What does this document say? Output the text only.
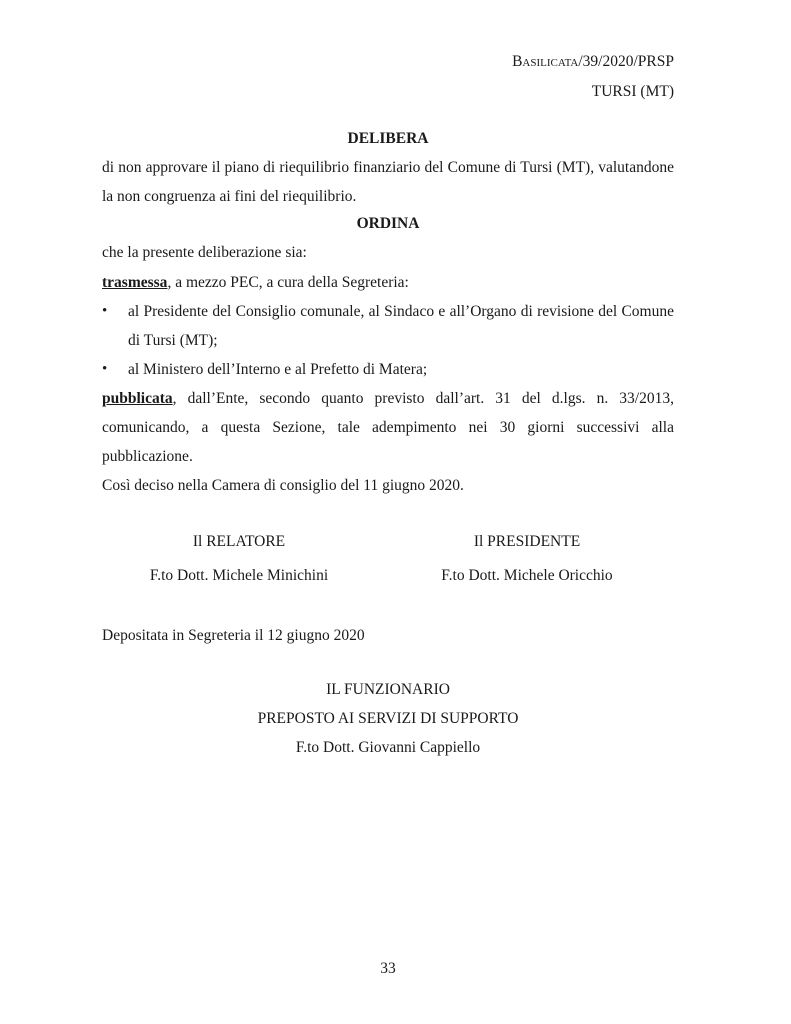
Basilicata/39/2020/PRSP
TURSI (MT)
DELIBERA
di non approvare il piano di riequilibrio finanziario del Comune di Tursi (MT), valutandone la non congruenza ai fini del riequilibrio.
ORDINA
che la presente deliberazione sia:
trasmessa, a mezzo PEC, a cura della Segreteria:
•	al Presidente del Consiglio comunale, al Sindaco e all’Organo di revisione del Comune di Tursi (MT);
•	al Ministero dell’Interno e al Prefetto di Matera;
pubblicata, dall’Ente, secondo quanto previsto dall’art. 31 del d.lgs. n. 33/2013, comunicando, a questa Sezione, tale adempimento nei 30 giorni successivi alla pubblicazione.
Così deciso nella Camera di consiglio del 11 giugno 2020.
Il RELATORE
F.to Dott. Michele Minichini
Il PRESIDENTE
F.to Dott. Michele Oricchio
Depositata in Segreteria il 12 giugno 2020
IL FUNZIONARIO
PREPOSTO AI SERVIZI DI SUPPORTO
F.to Dott. Giovanni Cappiello
33
